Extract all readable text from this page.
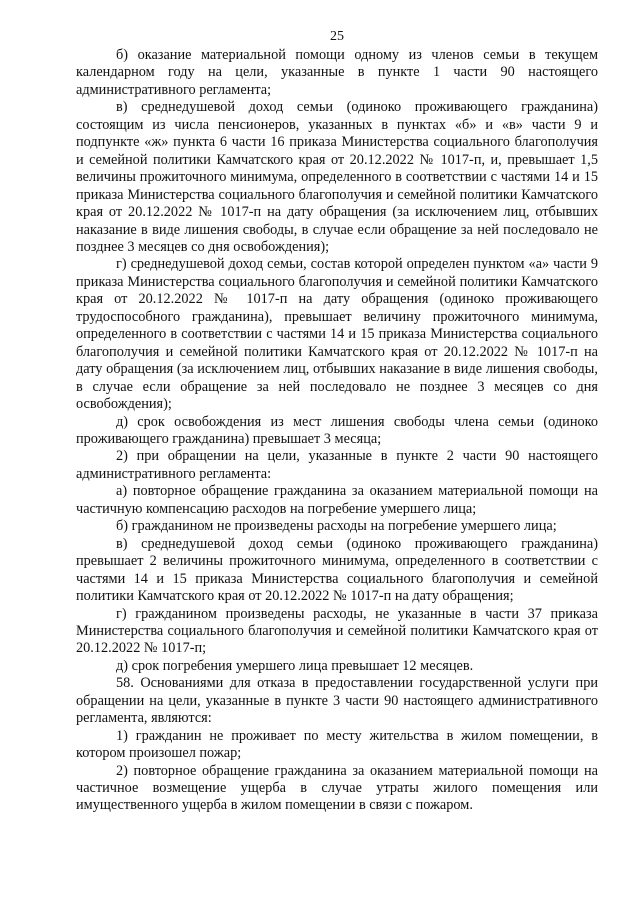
25

б) оказание материальной помощи одному из членов семьи в текущем календарном году на цели, указанные в пункте 1 части 90 настоящего административного регламента;

в) среднедушевой доход семьи (одиноко проживающего гражданина) состоящим из числа пенсионеров, указанных в пунктах «б» и «в» части 9 и подпункте «ж» пункта 6 части 16 приказа Министерства социального благополучия и семейной политики Камчатского края от 20.12.2022 № 1017-п, и, превышает 1,5 величины прожиточного минимума, определенного в соответствии с частями 14 и 15 приказа Министерства социального благополучия и семейной политики Камчатского края от 20.12.2022 № 1017-п на дату обращения (за исключением лиц, отбывших наказание в виде лишения свободы, в случае если обращение за ней последовало не позднее 3 месяцев со дня освобождения);

г) среднедушевой доход семьи, состав которой определен пунктом «а» части 9 приказа Министерства социального благополучия и семейной политики Камчатского края от 20.12.2022 № 1017-п на дату обращения (одиноко проживающего трудоспособного гражданина), превышает величину прожиточного минимума, определенного в соответствии с частями 14 и 15 приказа Министерства социального благополучия и семейной политики Камчатского края от 20.12.2022 № 1017-п на дату обращения (за исключением лиц, отбывших наказание в виде лишения свободы, в случае если обращение за ней последовало не позднее 3 месяцев со дня освобождения);

д) срок освобождения из мест лишения свободы члена семьи (одиноко проживающего гражданина) превышает 3 месяца;

2) при обращении на цели, указанные в пункте 2 части 90 настоящего административного регламента:

а) повторное обращение гражданина за оказанием материальной помощи на частичную компенсацию расходов на погребение умершего лица;

б) гражданином не произведены расходы на погребение умершего лица;

в) среднедушевой доход семьи (одиноко проживающего гражданина) превышает 2 величины прожиточного минимума, определенного в соответствии с частями 14 и 15 приказа Министерства социального благополучия и семейной политики Камчатского края от 20.12.2022 № 1017-п на дату обращения;

г) гражданином произведены расходы, не указанные в части 37 приказа Министерства социального благополучия и семейной политики Камчатского края от 20.12.2022 № 1017-п;

д) срок погребения умершего лица превышает 12 месяцев.

58. Основаниями для отказа в предоставлении государственной услуги при обращении на цели, указанные в пункте 3 части 90 настоящего административного регламента, являются:

1) гражданин не проживает по месту жительства в жилом помещении, в котором произошел пожар;

2) повторное обращение гражданина за оказанием материальной помощи на частичное возмещение ущерба в случае утраты жилого помещения или имущественного ущерба в жилом помещении в связи с пожаром.
